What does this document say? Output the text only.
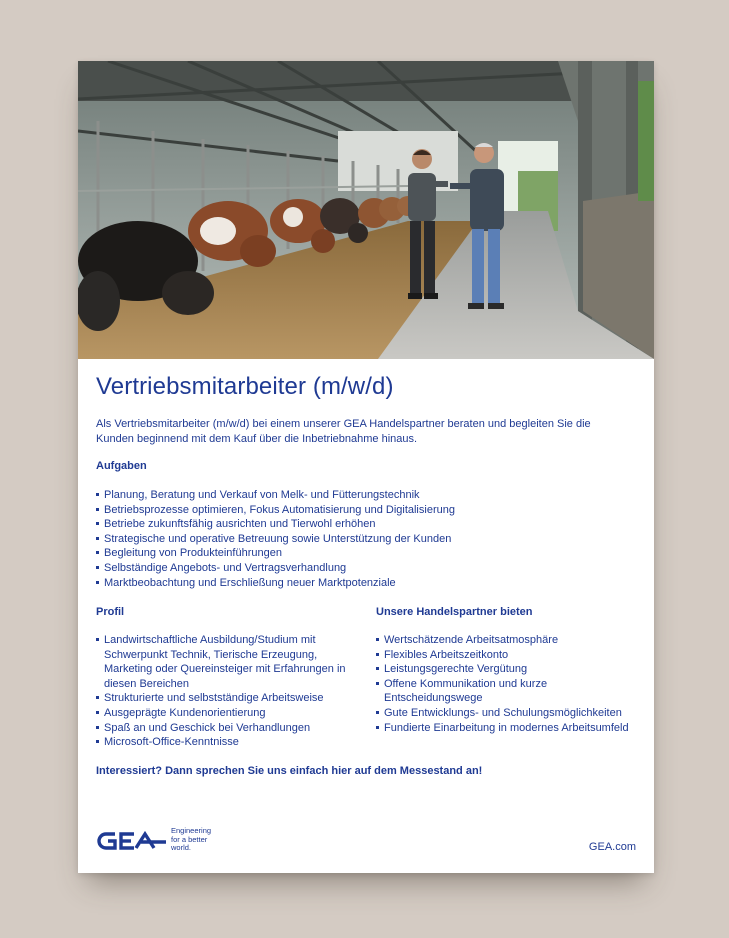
Vertriebsmitarbeiter (m/w/d)

Als Vertriebsmitarbeiter (m/w/d) bei einem unserer GEA Handelspartner beraten und begleiten Sie die Kunden beginnend mit dem Kauf über die Inbetriebnahme hinaus.

Aufgaben
Planung, Beratung und Verkauf von Melk- und Fütterungstechnik
Betriebsprozesse optimieren, Fokus Automatisierung und Digitalisierung
Betriebe zukunftsfähig ausrichten und Tierwohl erhöhen
Strategische und operative Betreuung sowie Unterstützung der Kunden
Begleitung von Produkteinführungen
Selbständige Angebots- und Vertragsverhandlung
Marktbeobachtung und Erschließung neuer Marktpotenziale
Profil
Landwirtschaftliche Ausbildung/Studium mit Schwerpunkt Technik, Tierische Erzeugung, Marketing oder Quereinsteiger mit Erfahrungen in diesen Bereichen
Strukturierte und selbstständige Arbeitsweise
Ausgeprägte Kundenorientierung
Spaß an und Geschick bei Verhandlungen
Microsoft-Office-Kenntnisse
Unsere Handelspartner bieten
Wertschätzende Arbeitsatmosphäre
Flexibles Arbeitszeitkonto
Leistungsgerechte Vergütung
Offene Kommunikation und kurze Entscheidungswege
Gute Entwicklungs- und Schulungsmöglichkeiten
Fundierte Einarbeitung in modernes Arbeitsumfeld

Interessiert? Dann sprechen Sie uns einfach hier auf dem Messestand an!

Engineering
for a better
world.	GEA.com
